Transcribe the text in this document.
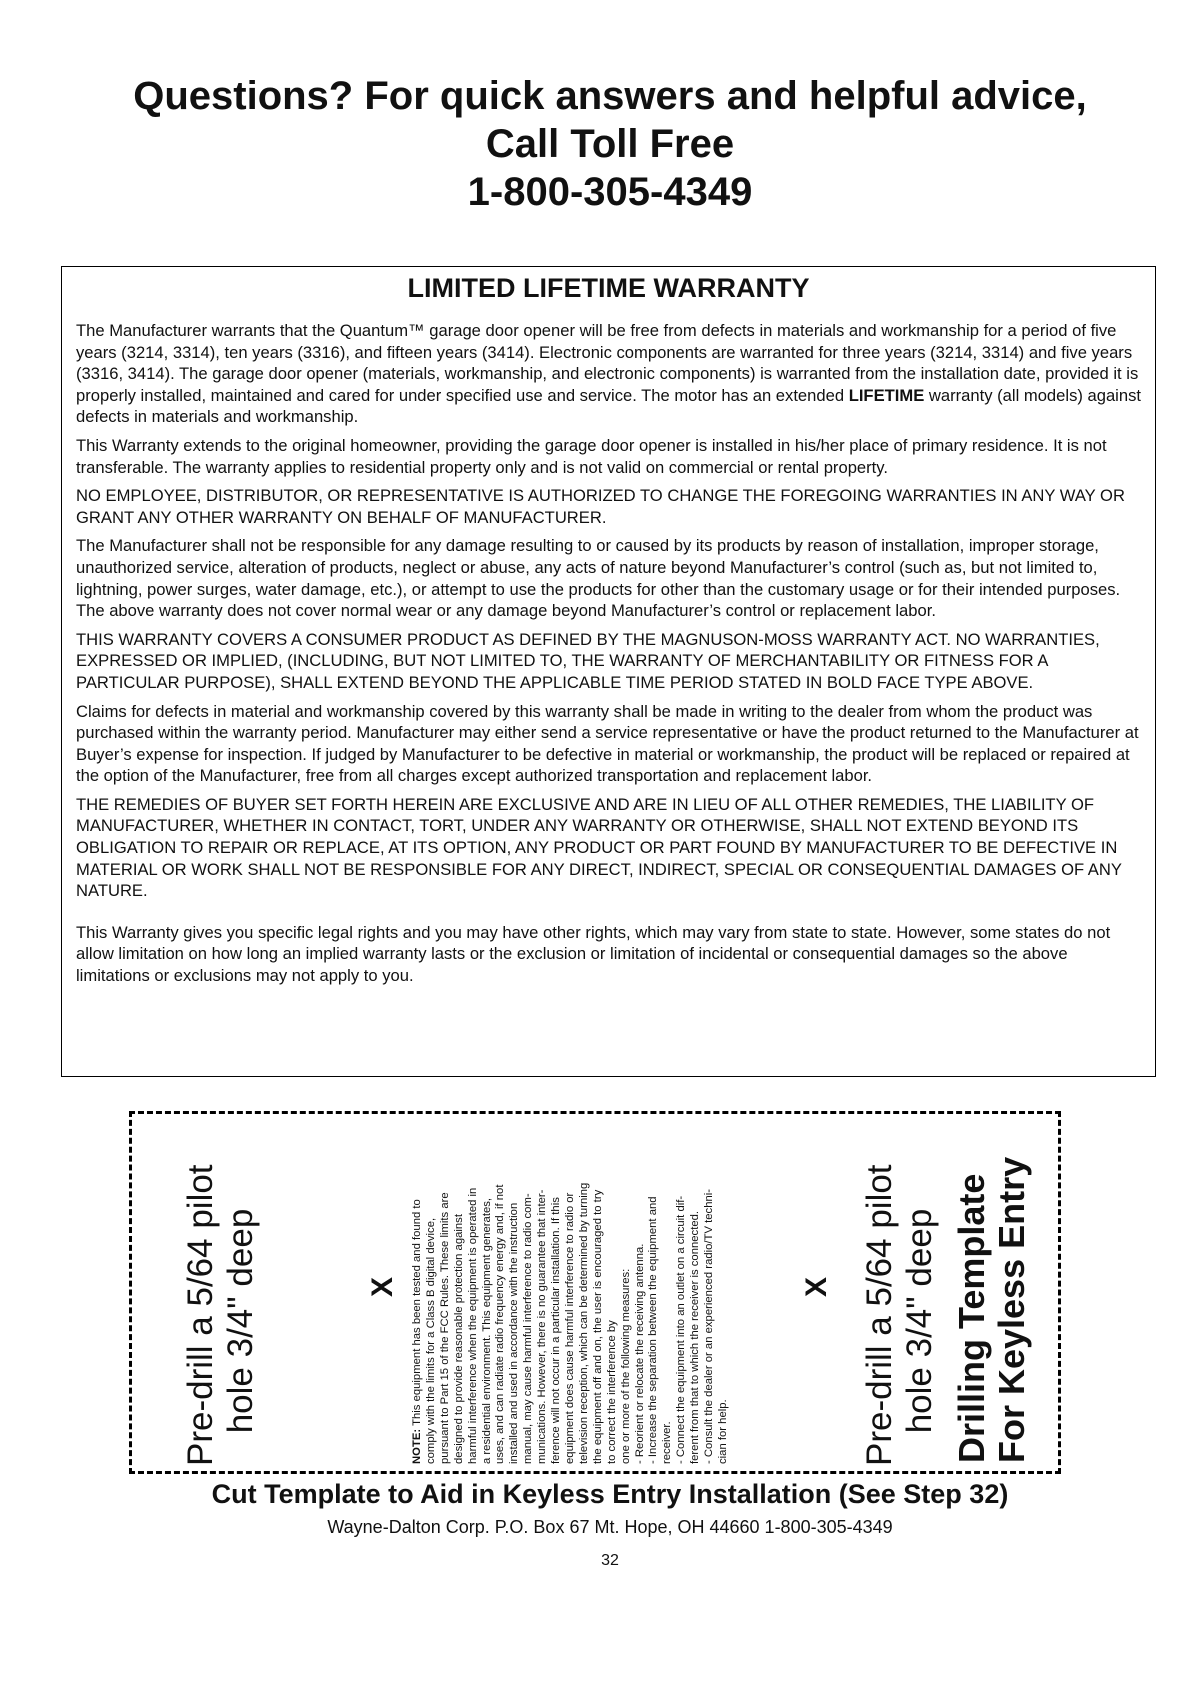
Questions? For quick answers and helpful advice,
Call Toll Free
1-800-305-4349
LIMITED LIFETIME WARRANTY

The Manufacturer warrants that the Quantum™ garage door opener will be free from defects in materials and workmanship for a period of five years (3214, 3314), ten years (3316), and fifteen years (3414). Electronic components are warranted for three years (3214, 3314) and five years (3316, 3414). The garage door opener (materials, workmanship, and electronic components) is warranted from the installation date, provided it is properly installed, maintained and cared for under specified use and service. The motor has an extended LIFETIME warranty (all models) against defects in materials and workmanship.

This Warranty extends to the original homeowner, providing the garage door opener is installed in his/her place of primary residence. It is not transferable. The warranty applies to residential property only and is not valid on commercial or rental property.

NO EMPLOYEE, DISTRIBUTOR, OR REPRESENTATIVE IS AUTHORIZED TO CHANGE THE FOREGOING WARRANTIES IN ANY WAY OR GRANT ANY OTHER WARRANTY ON BEHALF OF MANUFACTURER.

The Manufacturer shall not be responsible for any damage resulting to or caused by its products by reason of installation, improper storage, unauthorized service, alteration of products, neglect or abuse, any acts of nature beyond Manufacturer’s control (such as, but not limited to, lightning, power surges, water damage, etc.), or attempt to use the products for other than the customary usage or for their intended purposes. The above warranty does not cover normal wear or any damage beyond Manufacturer’s control or replacement labor.

THIS WARRANTY COVERS A CONSUMER PRODUCT AS DEFINED BY THE MAGNUSON-MOSS WARRANTY ACT. NO WARRANTIES, EXPRESSED OR IMPLIED, (INCLUDING, BUT NOT LIMITED TO, THE WARRANTY OF MERCHANTABILITY OR FITNESS FOR A PARTICULAR PURPOSE), SHALL EXTEND BEYOND THE APPLICABLE TIME PERIOD STATED IN BOLD FACE TYPE ABOVE.

Claims for defects in material and workmanship covered by this warranty shall be made in writing to the dealer from whom the product was purchased within the warranty period. Manufacturer may either send a service representative or have the product returned to the Manufacturer at Buyer’s expense for inspection. If judged by Manufacturer to be defective in material or workmanship, the product will be replaced or repaired at the option of the Manufacturer, free from all charges except authorized transportation and replacement labor.

THE REMEDIES OF BUYER SET FORTH HEREIN ARE EXCLUSIVE AND ARE IN LIEU OF ALL OTHER REMEDIES, THE LIABILITY OF MANUFACTURER, WHETHER IN CONTACT, TORT, UNDER ANY WARRANTY OR OTHERWISE, SHALL NOT EXTEND BEYOND ITS OBLIGATION TO REPAIR OR REPLACE, AT ITS OPTION, ANY PRODUCT OR PART FOUND BY MANUFACTURER TO BE DEFECTIVE IN MATERIAL OR WORK SHALL NOT BE RESPONSIBLE FOR ANY DIRECT, INDIRECT, SPECIAL OR CONSEQUENTIAL DAMAGES OF ANY NATURE.

This Warranty gives you specific legal rights and you may have other rights, which may vary from state to state. However, some states do not allow limitation on how long an implied warranty lasts or the exclusion or limitation of incidental or consequential damages so the above limitations or exclusions may not apply to you.

Pre-drill a 5/64 pilot hole 3/4" deep	X
NOTE: This equipment has been tested and found to comply with the limits for a Class B digital device, pursuant to Part 15 of the FCC Rules. These limits are designed to provide reasonable protection against harmful interference when the equipment is operated in a residential environment. This equipment generates, uses, and can radiate radio frequency energy and, if not installed and used in accordance with the instruction manual, may cause harmful interference to radio com- munications. However, there is no guarantee that inter- ference will not occur in a particular installation. If this equipment does cause harmful interference to radio or television reception, which can be determined by turning the equipment off and on, the user is encouraged to try to correct the interference by one or more of the following measures: - Reorient or relocate the receiving antenna. - Increase the separation between the equipment and receiver. - Connect the equipment into an outlet on a circuit dif- ferent from that to which the receiver is connected. - Consult the dealer or an experienced radio/TV techni- cian for help.
X Pre-drill a 5/64 pilot hole 3/4" deep Drilling Template For Keyless Entry
Cut Template to Aid in Keyless Entry Installation (See Step 32)
Wayne-Dalton Corp. P.O. Box 67 Mt. Hope, OH 44660 1-800-305-4349
32
